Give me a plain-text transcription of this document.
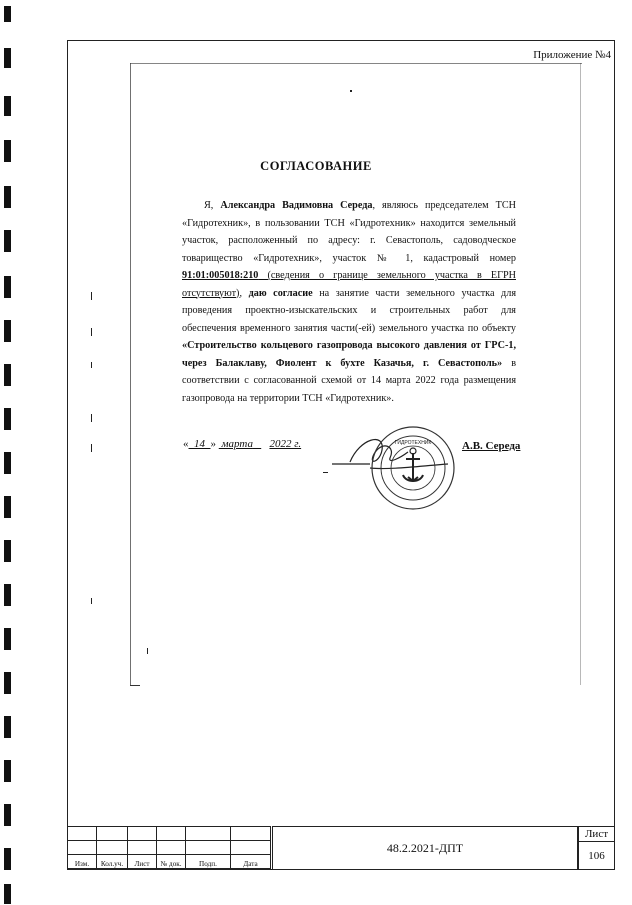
Приложение №4
СОГЛАСОВАНИЕ
Я, Александра Вадимовна Середа, являюсь председателем ТСН «Гидротехник», в пользовании ТСН «Гидротехник» находится земельный участок, расположенный по адресу: г. Севастополь, садоводческое товарищество «Гидротехник», участок № 1, кадастровый номер 91:01:005018:210 (сведения о границе земельного участка в ЕГРН отсутствуют), даю согласие на занятие части земельного участка для проведения проектно-изыскательских и строительных работ для обеспечения временного занятия части(-ей) земельного участка по объекту «Строительство кольцевого газопровода высокого давления от ГРС-1, через Балаклаву, Фиолент к бухте Казачья, г. Севастополь» в соответствии с согласованной схемой от 14 марта 2022 года размещения газопровода на территории ТСН «Гидротехник».
« 14 » марта 2022 г.	ГИДРОТЕХНИК	А.В. Середа

Изм.	Кол.уч.	Лист	№ док.	Подп.	Дата
48.2.2021-ДПТ
Лист
106
